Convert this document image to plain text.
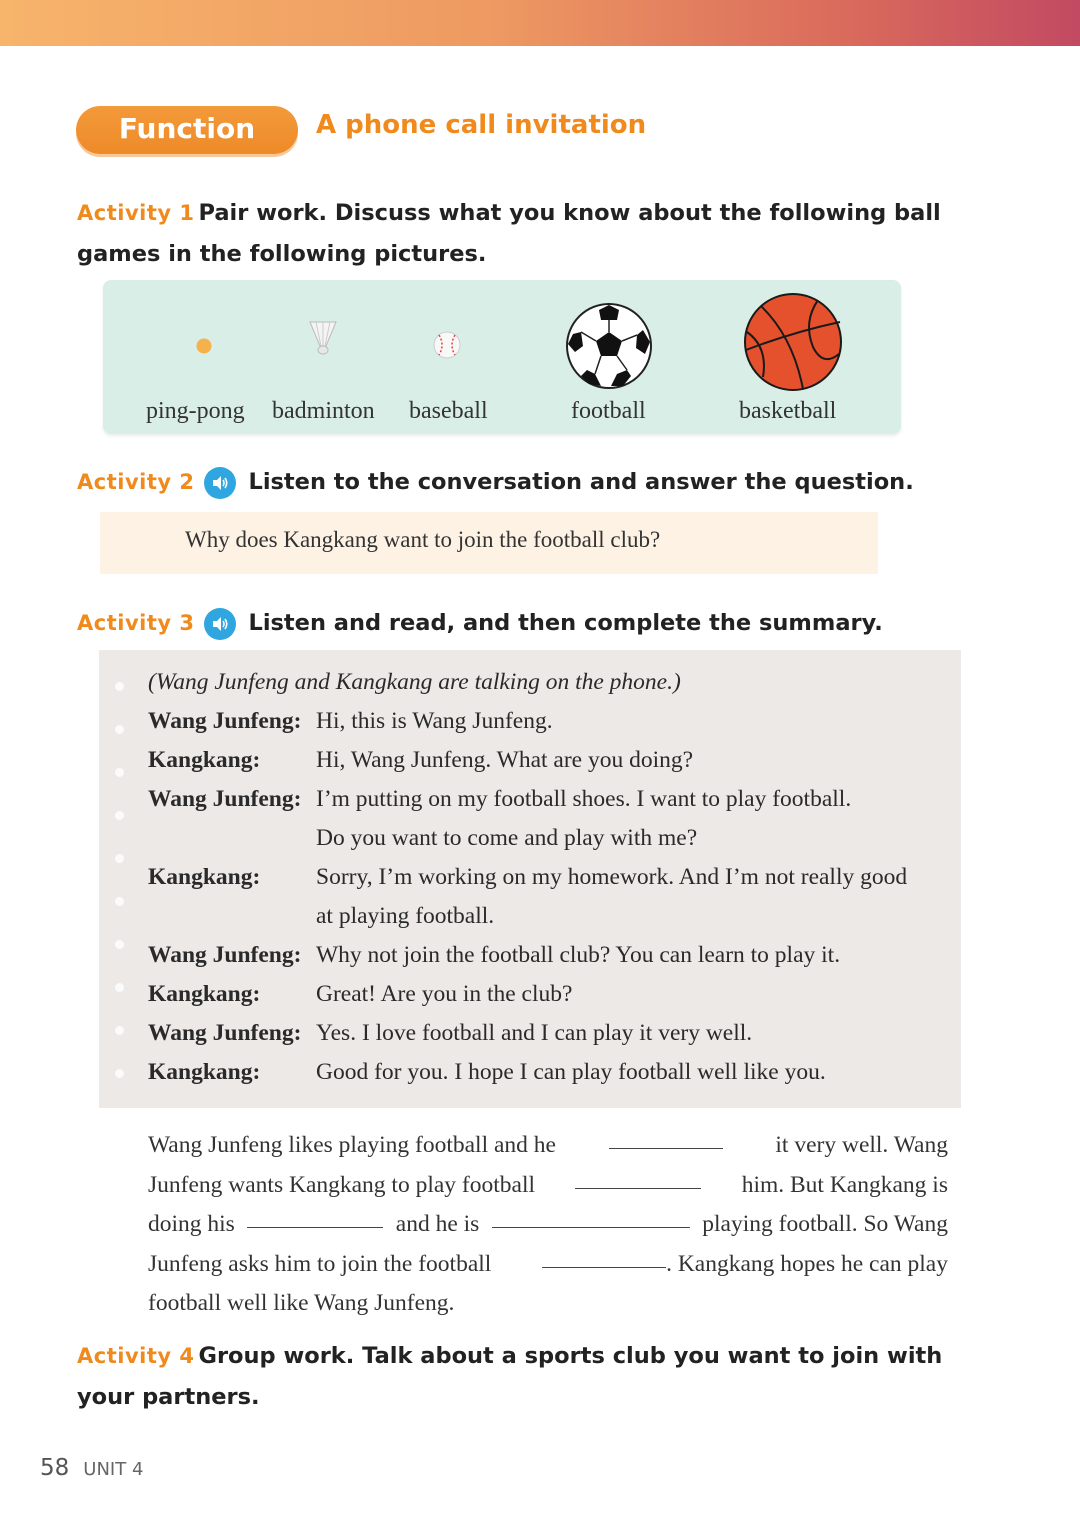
Function	A phone call invitation
Activity 1 Pair work. Discuss what you know about the following ball
games in the following pictures.
ping-pong badminton baseball	football	basketball
Activity 2 Listen to the conversation and answer the question.
Why does Kangkang want to join the football club?
Activity 3 Listen and read, and then complete the summary.
(Wang Junfeng and Kangkang are talking on the phone.)
Wang Junfeng: Hi, this is Wang Junfeng.
Kangkang: Hi, Wang Junfeng. What are you doing?
Wang Junfeng: I’m putting on my football shoes. I want to play football.
Do you want to come and play with me?
Kangkang: Sorry, I’m working on my homework. And I’m not really good
at playing football.
Wang Junfeng: Why not join the football club? You can learn to play it.
Kangkang: Great! Are you in the club?
Wang Junfeng: Yes. I love football and I can play it very well.
Kangkang: Good for you. I hope I can play football well like you.
Wang Junfeng likes playing football and he	it very well. Wang
Junfeng wants Kangkang to play football	him. But Kangkang is
doing his	and he is	playing football. So Wang
Junfeng asks him to join the football	. Kangkang hopes he can play
football well like Wang Junfeng.
Activity 4 Group work. Talk about a sports club you want to join with
your partners.
58 UNIT 4
